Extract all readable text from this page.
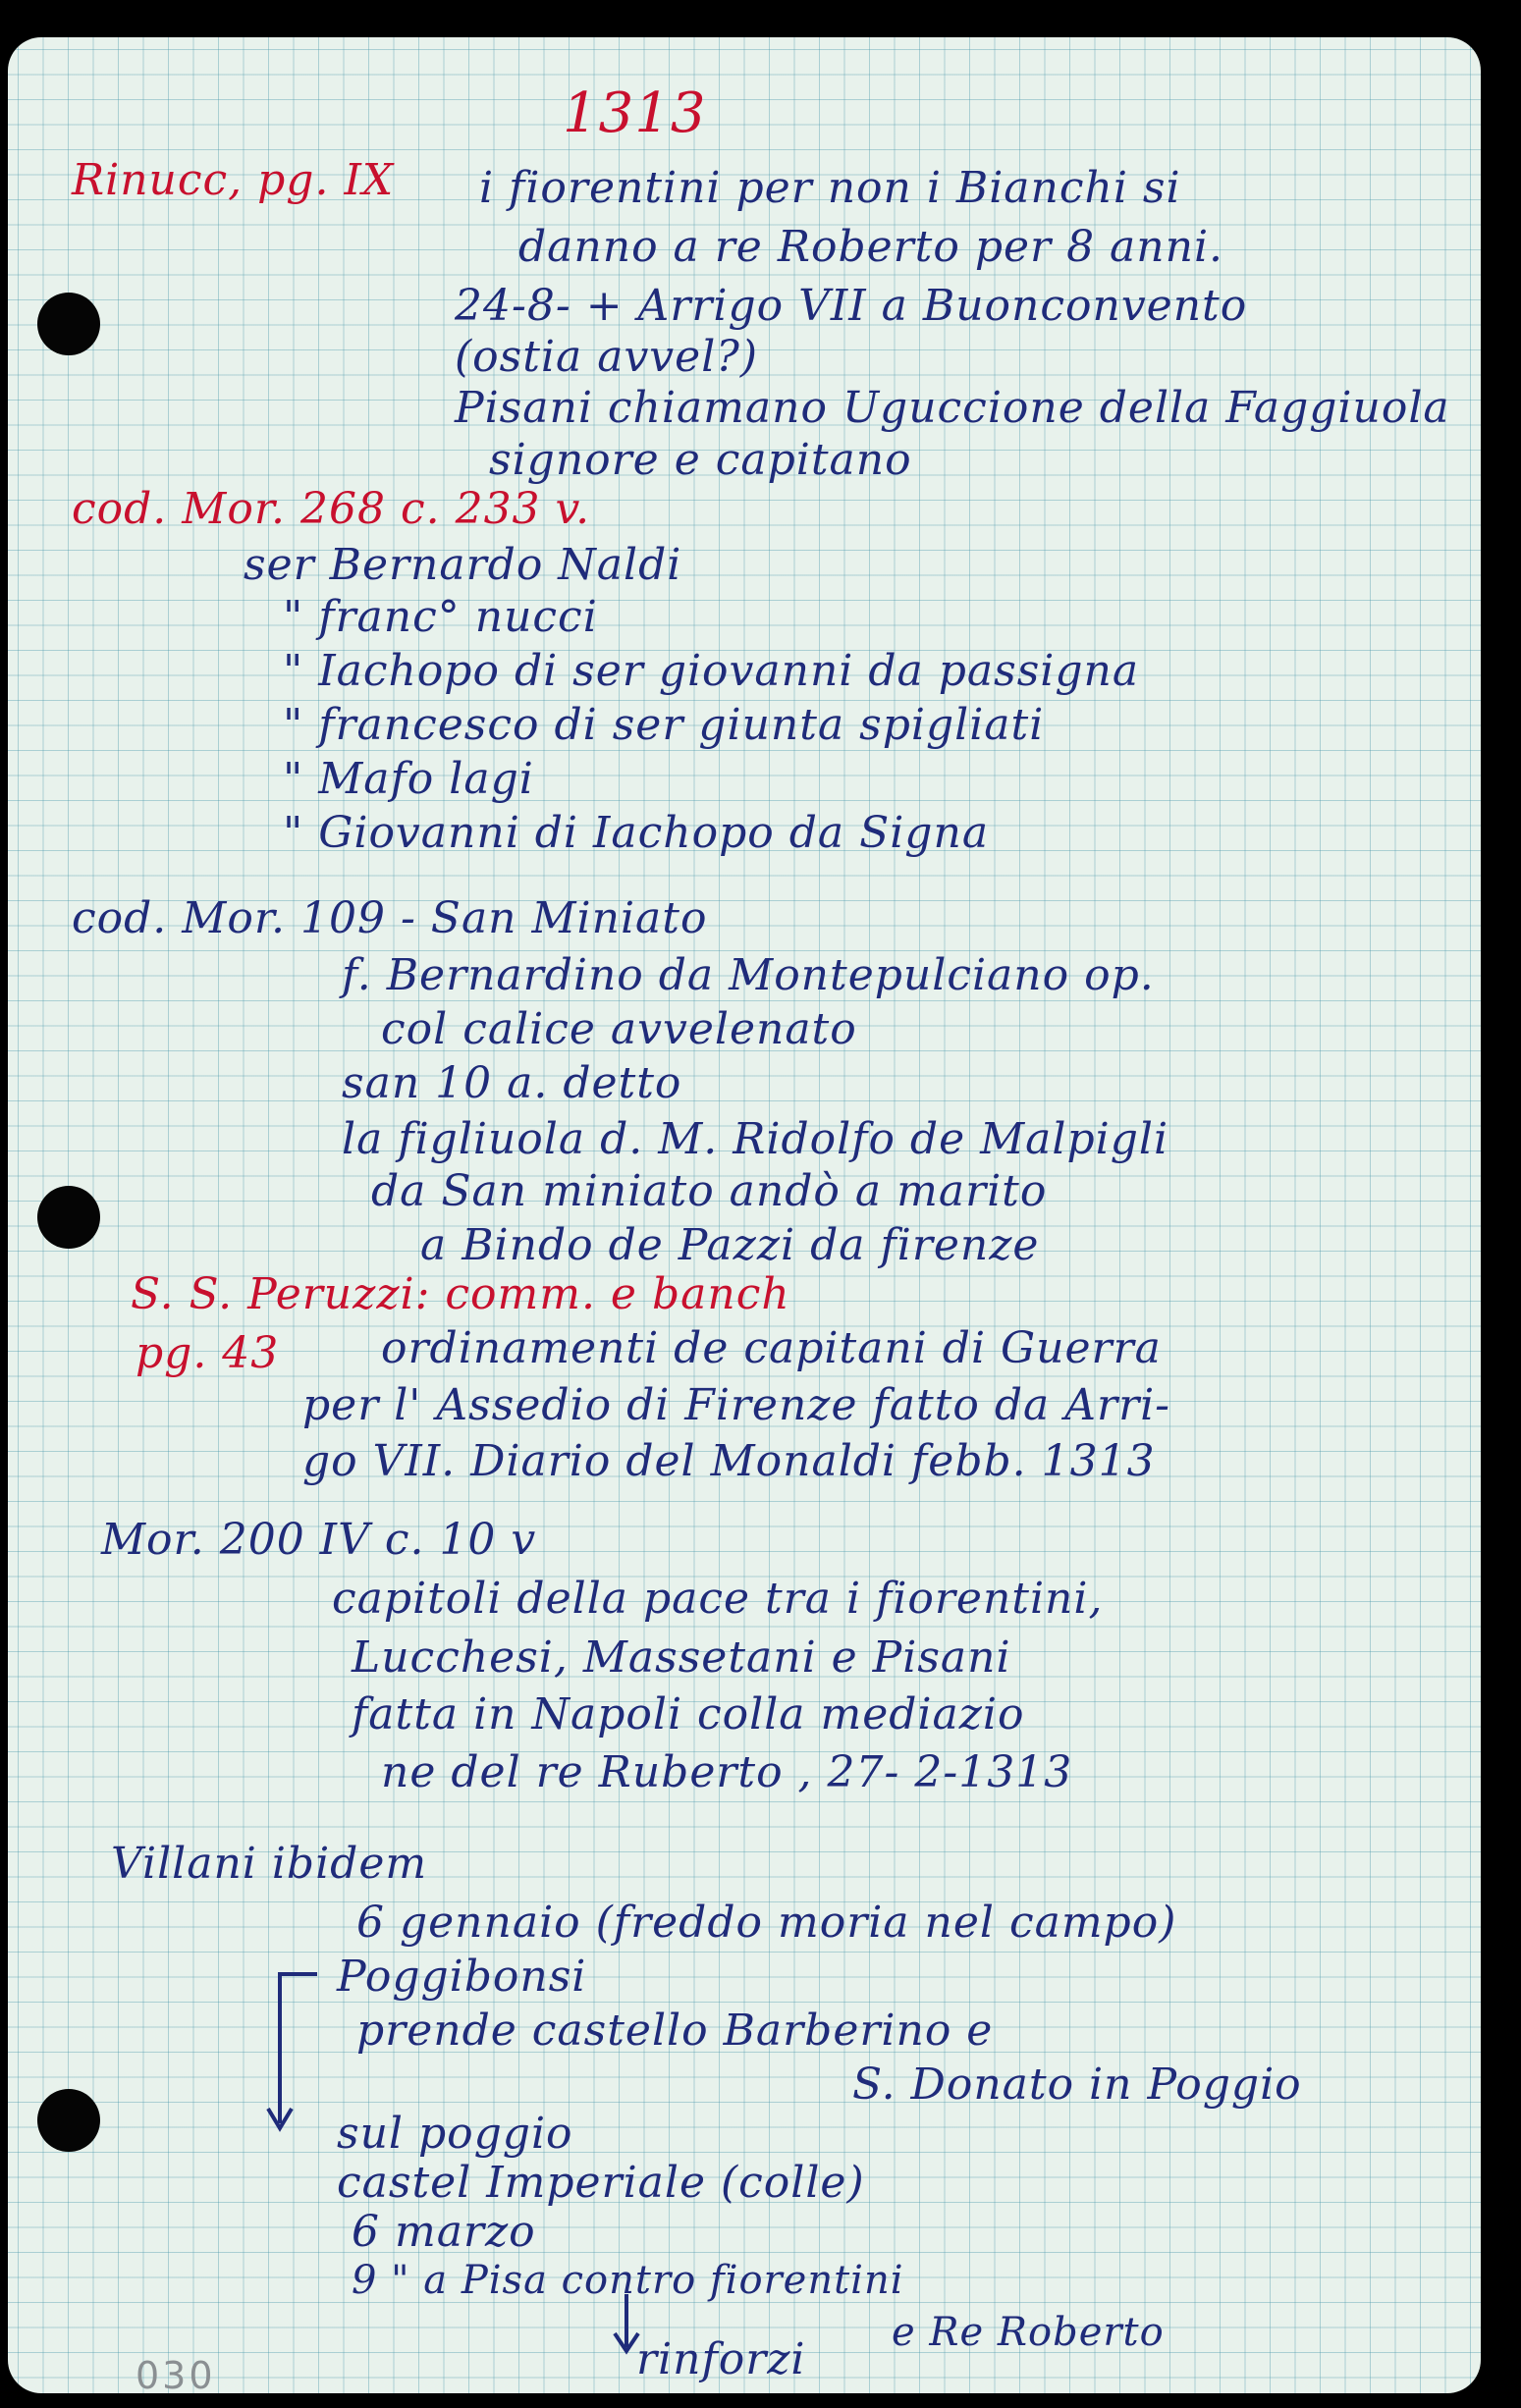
1313
Rinucc, pg. IX i fiorentini per non i Bianchi si
danno a re Roberto per 8 anni.
24-8- + Arrigo VII a Buonconvento
(ostia avvel?)
Pisani chiamano Uguccione della Faggiuola
signore e capitano
cod. Mor. 268 c. 233 v.
ser Bernardo Naldi
" franc° nucci
" Iachopo di ser giovanni da passigna
" francesco di ser giunta spigliati
" Mafo lagi
" Giovanni di Iachopo da Signa
cod. Mor. 109 - San Miniato
f. Bernardino da Montepulciano op.
col calice avvelenato
san 10 a. detto
la figliuola d. M. Ridolfo de Malpigli
da San miniato andò a marito
a Bindo de Pazzi da firenze
S. S. Peruzzi: comm. e banch
pg. 43 ordinamenti de capitani di Guerra
per l' Assedio di Firenze fatto da Arri-
go VII. Diario del Monaldi febb. 1313
Mor. 200 IV c. 10 v
capitoli della pace tra i fiorentini,
Lucchesi, Massetani e Pisani
fatta in Napoli colla mediazio
ne del re Ruberto , 27- 2-1313
Villani ibidem
6 gennaio (freddo moria nel campo)
Poggibonsi
prende castello Barberino e
S. Donato in Poggio
sul poggio
castel Imperiale (colle)
6 marzo
9 " a Pisa contro fiorentini
e Re Roberto
rinforzi
030
